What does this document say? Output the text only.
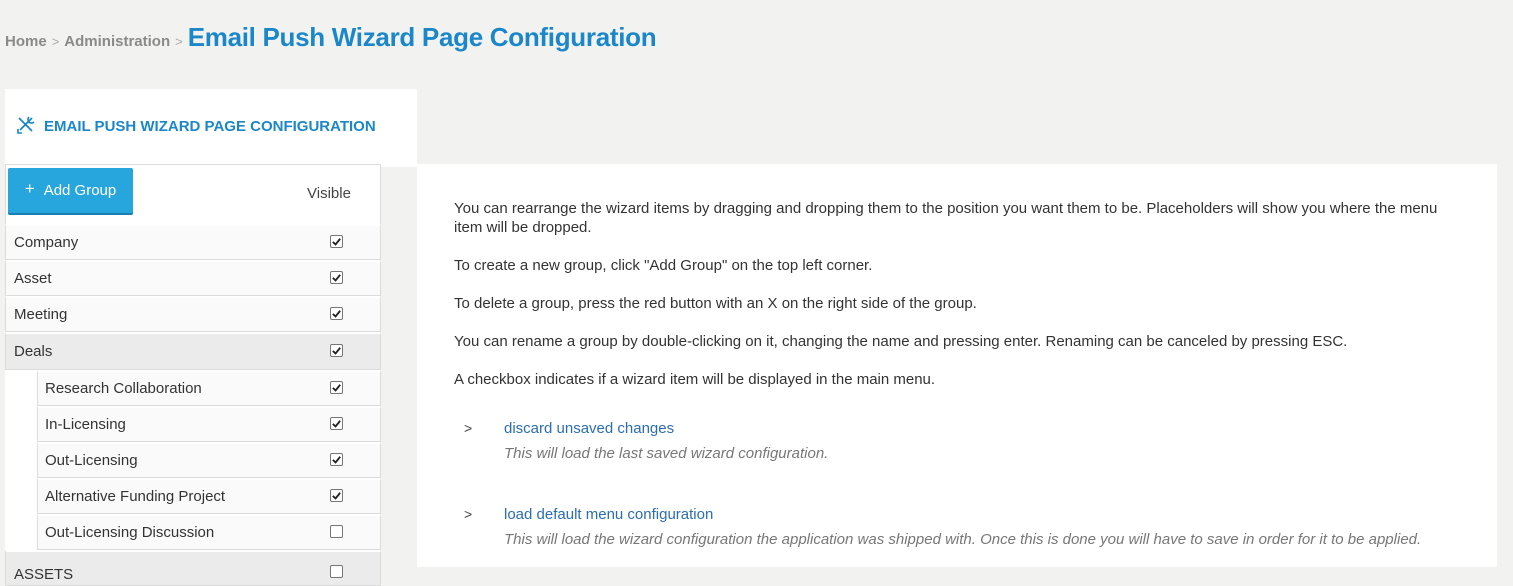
Home > Administration > Email Push Wizard Page Configuration
EMAIL PUSH WIZARD PAGE CONFIGURATION
+ Add Group	Visible
Company
Asset
Meeting
Deals
Research Collaboration
In-Licensing
Out-Licensing
Alternative Funding Project
Out-Licensing Discussion
ASSETS

You can rearrange the wizard items by dragging and dropping them to the position you want them to be. Placeholders will show you where the menu item will be dropped.

To create a new group, click "Add Group" on the top left corner.

To delete a group, press the red button with an X on the right side of the group.

You can rename a group by double-clicking on it, changing the name and pressing enter. Renaming can be canceled by pressing ESC.

A checkbox indicates if a wizard item will be displayed in the main menu.

> discard unsaved changes
This will load the last saved wizard configuration.
> load default menu configuration
This will load the wizard configuration the application was shipped with. Once this is done you will have to save in order for it to be applied.
